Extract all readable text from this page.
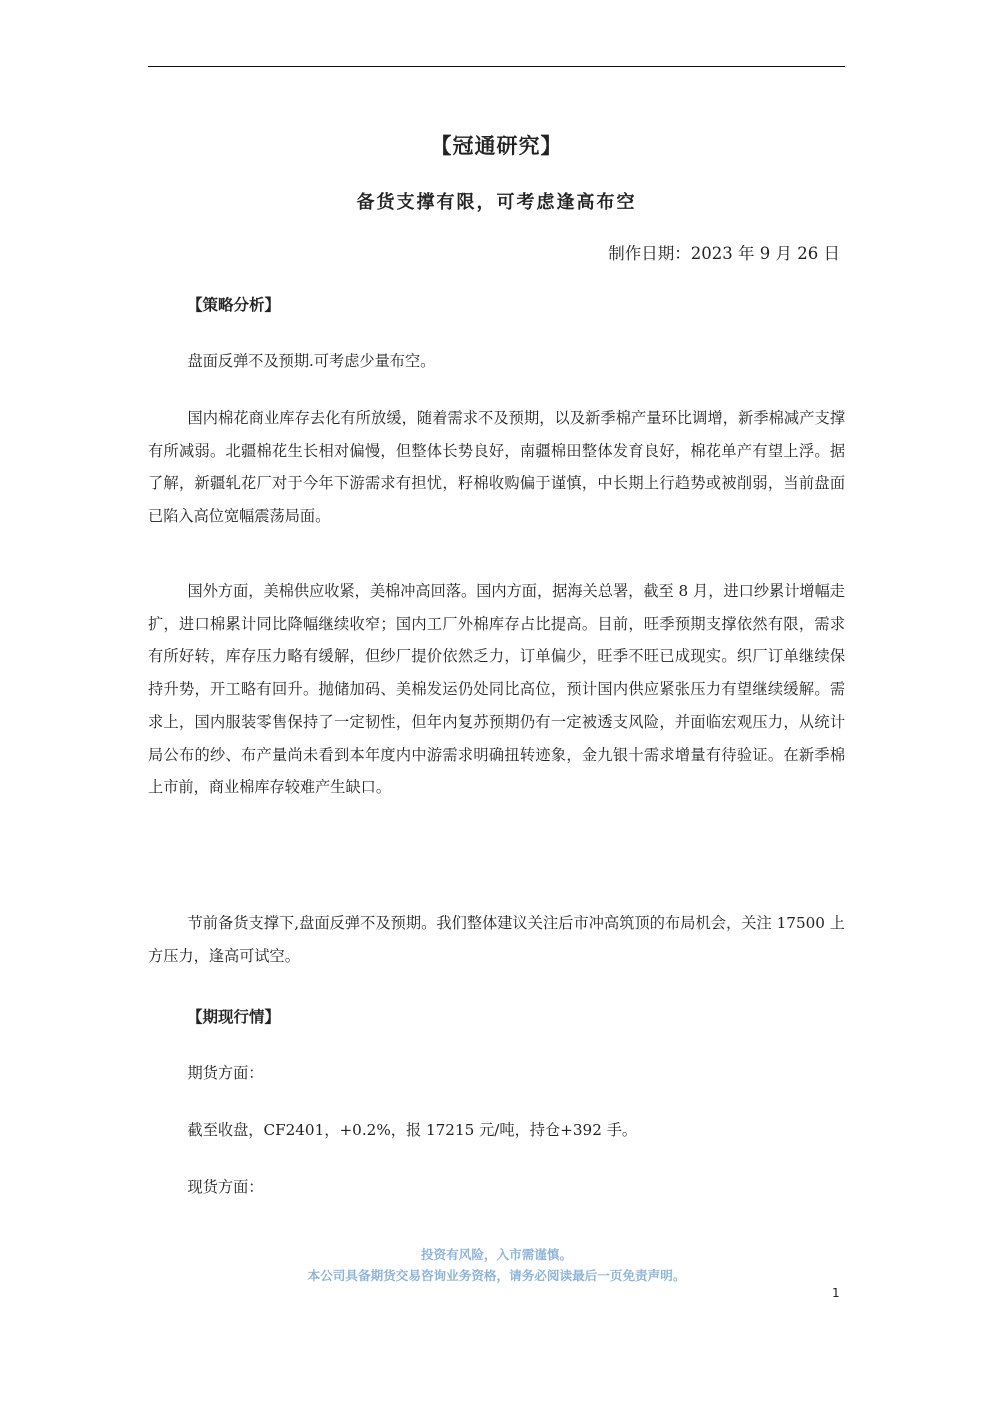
【冠通研究】
备货支撑有限，可考虑逢高布空
制作日期：2023 年 9 月 26 日
【策略分析】

盘面反弹不及预期.可考虑少量布空。

国内棉花商业库存去化有所放缓，随着需求不及预期，以及新季棉产量环比调增，新季棉减产支撑有所减弱。北疆棉花生长相对偏慢，但整体长势良好，南疆棉田整体发育良好，棉花单产有望上浮。据了解，新疆轧花厂对于今年下游需求有担忧，籽棉收购偏于谨慎，中长期上行趋势或被削弱，当前盘面已陷入高位宽幅震荡局面。

国外方面，美棉供应收紧，美棉冲高回落。国内方面，据海关总署，截至 8 月，进口纱累计增幅走扩，进口棉累计同比降幅继续收窄；国内工厂外棉库存占比提高。目前，旺季预期支撑依然有限，需求有所好转，库存压力略有缓解，但纱厂提价依然乏力，订单偏少，旺季不旺已成现实。织厂订单继续保持升势，开工略有回升。抛储加码、美棉发运仍处同比高位，预计国内供应紧张压力有望继续缓解。需求上，国内服装零售保持了一定韧性，但年内复苏预期仍有一定被透支风险，并面临宏观压力，从统计局公布的纱、布产量尚未看到本年度内中游需求明确扭转迹象，金九银十需求增量有待验证。在新季棉上市前，商业棉库存较难产生缺口。

节前备货支撑下,盘面反弹不及预期。我们整体建议关注后市冲高筑顶的布局机会，关注 17500 上方压力，逢高可试空。

【期现行情】

期货方面：

截至收盘，CF2401，+0.2%，报 17215 元/吨，持仓+392 手。

现货方面：

投资有风险，入市需谨慎。
本公司具备期货交易咨询业务资格，请务必阅读最后一页免责声明。
1
